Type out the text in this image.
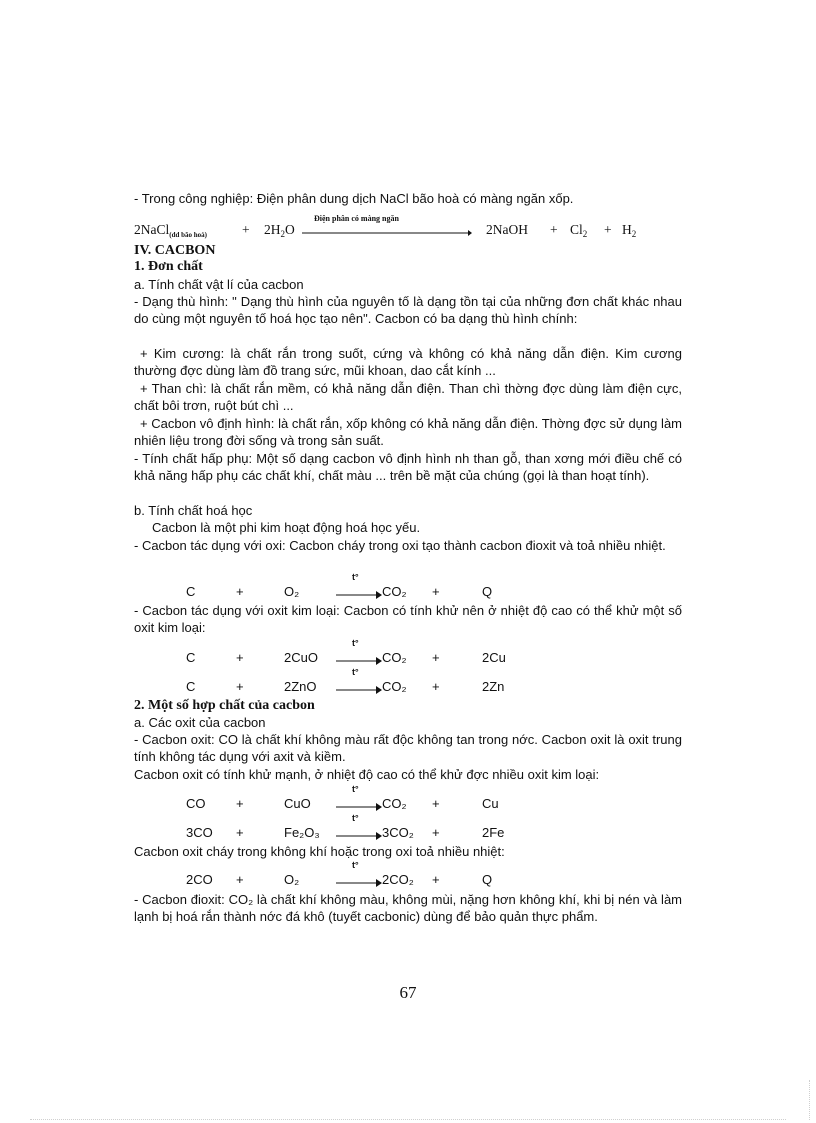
- Trong công nghiệp: Điện phân dung dịch NaCl bão hoà có màng ngăn xốp.
2NaCl$_{(dd bão hoà)}$	+ $2H_2O$
Điện phân có màng ngăn
2NaOH + $Cl_2 + H_2$
IV. CACBON
1. Đơn chất
a. Tính chất vật lí của cacbon
- Dạng thù hình: " Dạng thù hình của nguyên tố là dạng tồn tại của những đơn chất khác nhau do cùng một nguyên tố hoá học tạo nên". Cacbon có ba dạng thù hình chính:
+ Kim cương: là chất rắn trong suốt, cứng và không có khả năng dẫn điện. Kim cương thường đợc dùng làm đồ trang sức, mũi khoan, dao cắt kính ...
+ Than chì: là chất rắn mềm, có khả năng dẫn điện. Than chì thờng đợc dùng làm điện cực, chất bôi trơn, ruột bút chì ...
+ Cacbon vô định hình: là chất rắn, xốp không có khả năng dẫn điện. Thờng đợc sử dụng làm nhiên liệu trong đời sống và trong sản suất.
- Tính chất hấp phụ: Một số dạng cacbon vô định hình nh than gỗ, than xơng mới điều chế có khả năng hấp phụ các chất khí, chất màu ... trên bề mặt của chúng (gọi là than hoạt tính).
b. Tính chất hoá học
Cacbon là một phi kim hoạt động hoá học yếu.
- Cacbon tác dụng với oxi: Cacbon cháy trong oxi tạo thành cacbon đioxit và toả nhiều nhiệt.
C	+	O₂
t°
CO₂ +	Q
- Cacbon tác dụng với oxit kim loại: Cacbon có tính khử nên ở nhiệt độ cao có thể khử một số oxit kim loại:
C	+	2CuO
t°
CO₂ +	2Cu
C	+	2ZnO
t°
CO₂ +	2Zn
2. Một số hợp chất của cacbon
a. Các oxit của cacbon
- Cacbon oxit: CO là chất khí không màu rất độc không tan trong nớc. Cacbon oxit là oxit trung tính không tác dụng với axit và kiềm.
Cacbon oxit có tính khử mạnh, ở nhiệt độ cao có thể khử đợc nhiều oxit kim loại:
CO +	CuO
t°
CO₂ +	Cu
3CO +	Fe₂O₃
t°
3CO₂ +	2Fe
Cacbon oxit cháy trong không khí hoặc trong oxi toả nhiều nhiệt:
2CO +	O₂
t°
2CO₂ +	Q
- Cacbon đioxit: CO₂ là chất khí không màu, không mùi, nặng hơn không khí, khi bị nén và làm lạnh bị hoá rắn thành nớc đá khô (tuyết cacbonic) dùng để bảo quản thực phẩm.
67
